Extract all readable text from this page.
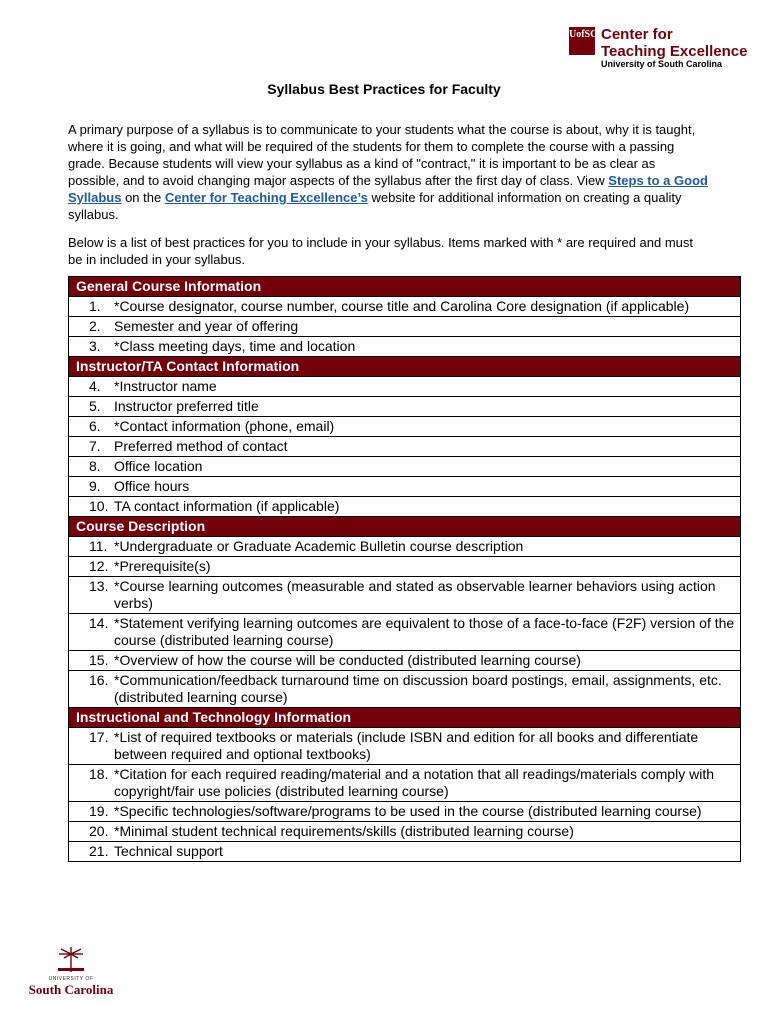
UofSC Center for
Teaching Excellence
University of South Carolina
Syllabus Best Practices for Faculty
A primary purpose of a syllabus is to communicate to your students what the course is about, why it is taught, where it is going, and what will be required of the students for them to complete the course with a passing grade. Because students will view your syllabus as a kind of "contract," it is important to be as clear as possible, and to avoid changing major aspects of the syllabus after the first day of class. View Steps to a Good Syllabus on the Center for Teaching Excellence’s website for additional information on creating a quality syllabus.
Below is a list of best practices for you to include in your syllabus. Items marked with * are required and must be in included in your syllabus.
General Course Information

1. *Course designator, course number, course title and Carolina Core designation (if applicable)

2. Semester and year of offering

3. *Class meeting days, time and location

Instructor/TA Contact Information

4. *Instructor name

5. Instructor preferred title

6. *Contact information (phone, email)

7. Preferred method of contact

8. Office location

9. Office hours

10. TA contact information (if applicable)

Course Description

11. *Undergraduate or Graduate Academic Bulletin course description

12. *Prerequisite(s)

13. *Course learning outcomes (measurable and stated as observable learner behaviors using action verbs)

14. *Statement verifying learning outcomes are equivalent to those of a face-to-face (F2F) version of the course (distributed learning course)

15. *Overview of how the course will be conducted (distributed learning course)

16. *Communication/feedback turnaround time on discussion board postings, email, assignments, etc. (distributed learning course)

Instructional and Technology Information

17. *List of required textbooks or materials (include ISBN and edition for all books and differentiate between required and optional textbooks)

18. *Citation for each required reading/material and a notation that all readings/materials comply with copyright/fair use policies (distributed learning course)

19. *Specific technologies/software/programs to be used in the course (distributed learning course)

20. *Minimal student technical requirements/skills (distributed learning course)

21. Technical support
UNIVERSITY OF
South Carolina
